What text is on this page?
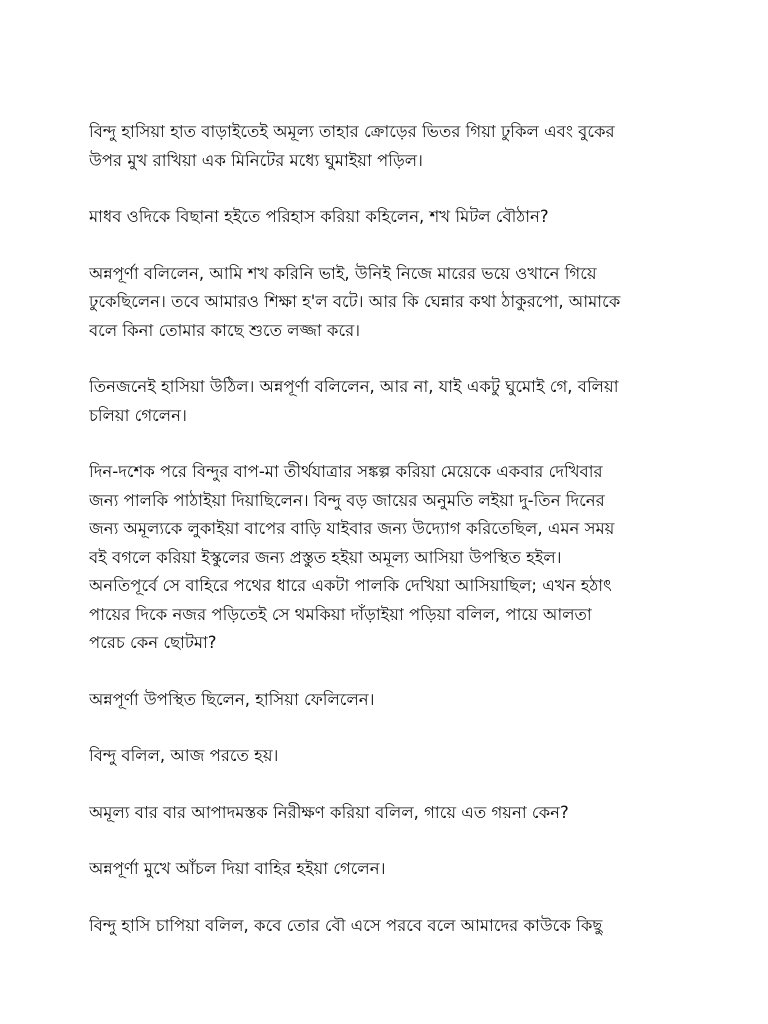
বিন্দু হাসিয়া হাত বাড়াইতেই অমূল্য তাহার ক্রোড়ের ভিতর গিয়া ঢুকিল এবং বুকের
উপর মুখ রাখিয়া এক মিনিটের মধ্যে ঘুমাইয়া পড়িল।

মাধব ওদিকে বিছানা হইতে পরিহাস করিয়া কহিলেন, শখ মিটল বৌঠান?

অন্নপূর্ণা বলিলেন, আমি শখ করিনি ভাই, উনিই নিজে মারের ভয়ে ওখানে গিয়ে
ঢুকেছিলেন। তবে আমারও শিক্ষা হ'ল বটে। আর কি ঘেন্নার কথা ঠাকুরপো, আমাকে
বলে কিনা তোমার কাছে শুতে লজ্জা করে।

তিনজনেই হাসিয়া উঠিল। অন্নপূর্ণা বলিলেন, আর না, যাই একটু ঘুমোই গে, বলিয়া
চলিয়া গেলেন।

দিন-দশেক পরে বিন্দুর বাপ-মা তীর্থযাত্রার সঙ্কল্প করিয়া মেয়েকে একবার দেখিবার
জন্য পালকি পাঠাইয়া দিয়াছিলেন। বিন্দু বড় জায়ের অনুমতি লইয়া দু-তিন দিনের
জন্য অমূল্যকে লুকাইয়া বাপের বাড়ি যাইবার জন্য উদ্যোগ করিতেছিল, এমন সময়
বই বগলে করিয়া ইস্কুলের জন্য প্রস্তুত হইয়া অমূল্য আসিয়া উপস্থিত হইল।
অনতিপূর্বে সে বাহিরে পথের ধারে একটা পালকি দেখিয়া আসিয়াছিল; এখন হঠাৎ
পায়ের দিকে নজর পড়িতেই সে থমকিয়া দাঁড়াইয়া পড়িয়া বলিল, পায়ে আলতা
পরেচ কেন ছোটমা?

অন্নপূর্ণা উপস্থিত ছিলেন, হাসিয়া ফেলিলেন।

বিন্দু বলিল, আজ পরতে হয়।

অমূল্য বার বার আপাদমস্তক নিরীক্ষণ করিয়া বলিল, গায়ে এত গয়না কেন?

অন্নপূর্ণা মুখে আঁচল দিয়া বাহির হইয়া গেলেন।

বিন্দু হাসি চাপিয়া বলিল, কবে তোর বৌ এসে পরবে বলে আমাদের কাউকে কিছু
